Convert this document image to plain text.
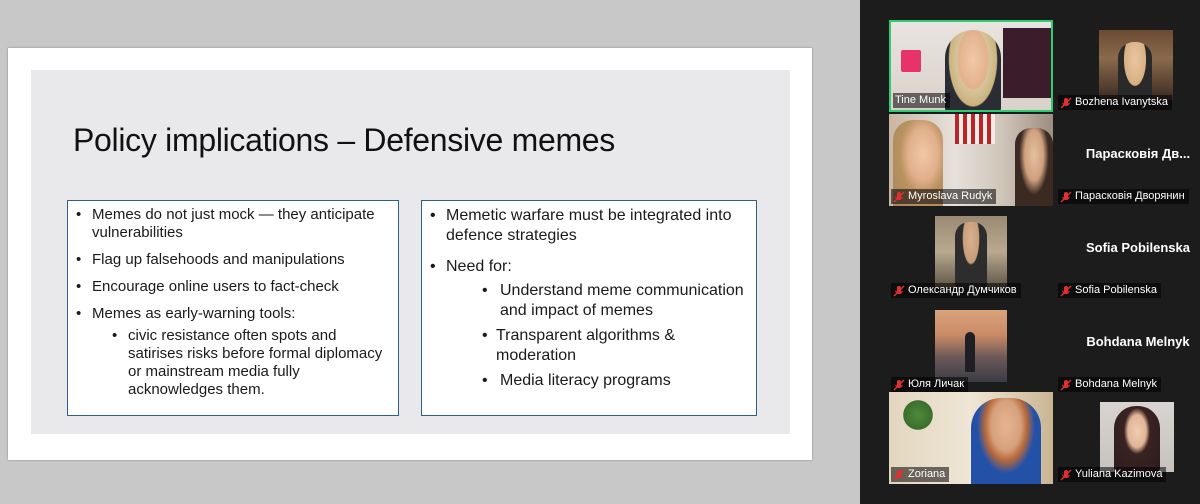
Policy implications – Defensive memes
• Memes do not just mock — they anticipate vulnerabilities
• Flag up falsehoods and manipulations
• Encourage online users to fact-check
• Memes as early-warning tools:
• civic resistance often spots and satirises risks before formal diplomacy or mainstream media fully acknowledges them.
• Memetic warfare must be integrated into defence strategies
• Need for:
• Understand meme communication and impact of memes
• Transparent algorithms & moderation
• Media literacy programs
Tine Munk	Bozhena Ivanytska
Myroslava Rudyk
Парасковія Дв...
Парасковія Дворянин
Олександр Думчиков
Sofia Pobilenska
Sofia Pobilenska
Юля Личак
Bohdana Melnyk
Bohdana Melnyk
Zoriana	Yuliana Kazimova
